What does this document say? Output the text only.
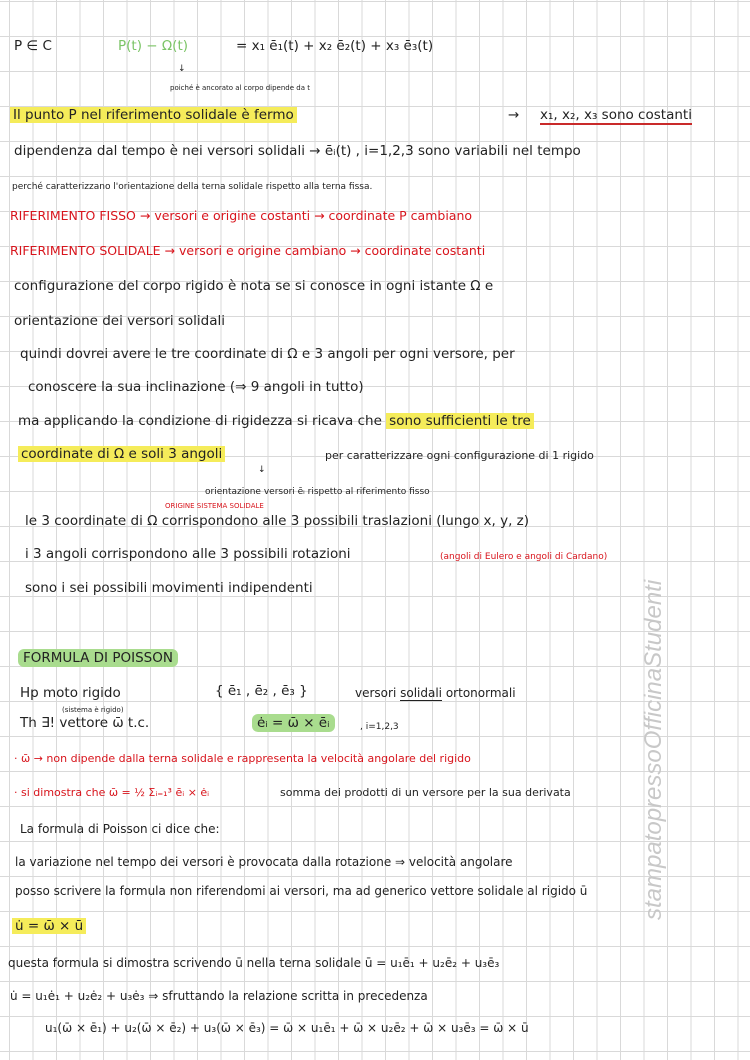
P ∈ C	P(t) − Ω(t)	= x₁ ē₁(t) + x₂ ē₂(t) + x₃ ē₃(t)
↓
poiché è ancorato al corpo dipende da t
Il punto P nel riferimento solidale è fermo	→ x₁, x₂, x₃ sono costanti
dipendenza dal tempo è nei versori solidali → ēᵢ(t) , i=1,2,3 sono variabili nel tempo
perché caratterizzano l'orientazione della terna solidale rispetto alla terna fissa.
RIFERIMENTO FISSO → versori e origine costanti → coordinate P cambiano
RIFERIMENTO SOLIDALE → versori e origine cambiano → coordinate costanti
configurazione del corpo rigido è nota se si conosce in ogni istante Ω e
orientazione dei versori solidali
quindi dovrei avere le tre coordinate di Ω e 3 angoli per ogni versore, per
conoscere la sua inclinazione (⇒ 9 angoli in tutto)
ma applicando la condizione di rigidezza si ricava che sono sufficienti le tre
coordinate di Ω e soli 3 angoli	per caratterizzare ogni configurazione di 1 rigido
↓
orientazione versori ēᵢ rispetto al riferimento fisso
ORIGINE SISTEMA SOLIDALE
le 3 coordinate di Ω corrispondono alle 3 possibili traslazioni (lungo x, y, z)
i 3 angoli corrispondono alle 3 possibili rotazioni	(angoli di Eulero e angoli di Cardano)
sono i sei possibili movimenti indipendenti
FORMULA DI POISSON
Hp moto rigido
(sistema è rigido)
{ ē₁ , ē₂ , ē₃ }	versori solidali ortonormali
Th ∃! vettore ω̄ t.c.	ėᵢ = ω̄ × ēᵢ	, i=1,2,3
· ω̄ → non dipende dalla terna solidale e rappresenta la velocità angolare del rigido
· si dimostra che ω̄ = ½ Σᵢ₌₁³ ēᵢ × ėᵢ	somma dei prodotti di un versore per la sua derivata
La formula di Poisson ci dice che:
la variazione nel tempo dei versori è provocata dalla rotazione ⇒ velocità angolare
posso scrivere la formula non riferendomi ai versori, ma ad generico vettore solidale al rigido ū
u̇ = ω̄ × ū
questa formula si dimostra scrivendo ū nella terna solidale ū = u₁ē₁ + u₂ē₂ + u₃ē₃
u̇ = u₁ė₁ + u₂ė₂ + u₃ė₃ ⇒ sfruttando la relazione scritta in precedenza
u₁(ω̄ × ē₁) + u₂(ω̄ × ē₂) + u₃(ω̄ × ē₃) = ω̄ × u₁ē₁ + ω̄ × u₂ē₂ + ω̄ × u₃ē₃ = ω̄ × ū
stampatopressoOfficinaStudenti
